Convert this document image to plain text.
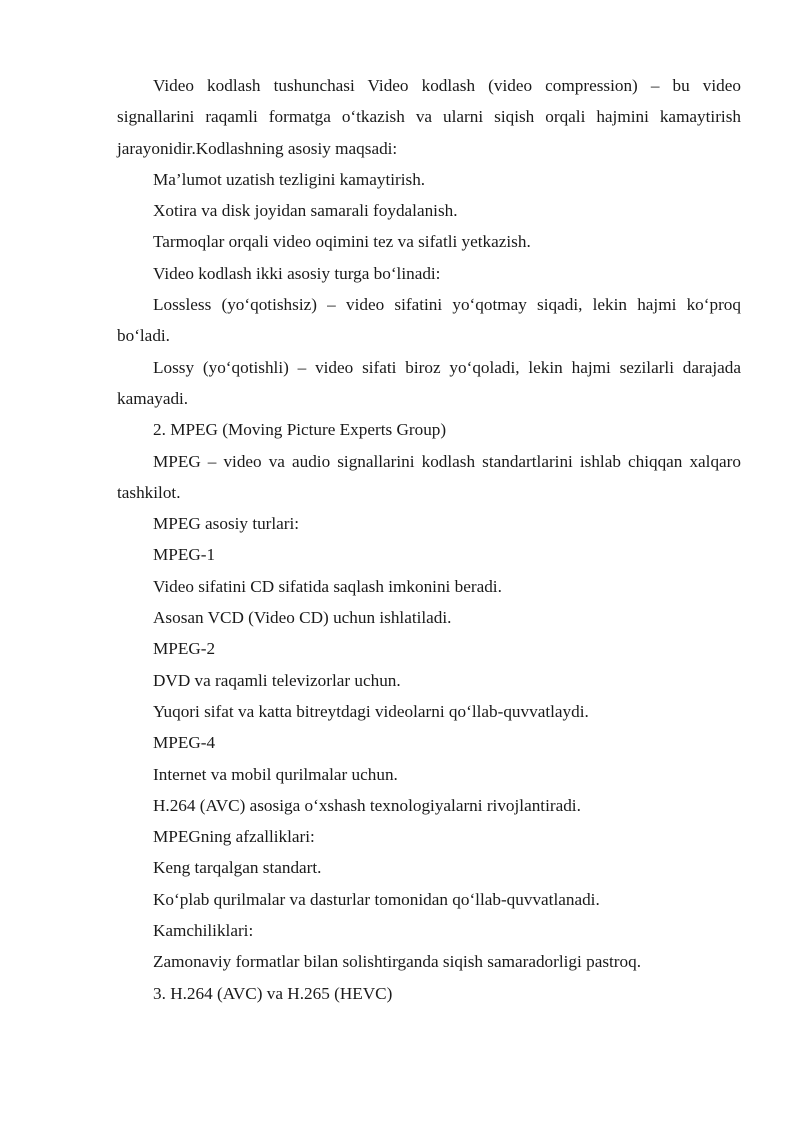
Video kodlash tushunchasi Video kodlash (video compression) – bu video signallarini raqamli formatga o‘tkazish va ularni siqish orqali hajmini kamaytirish jarayonidir.Kodlashning asosiy maqsadi:

Ma’lumot uzatish tezligini kamaytirish.

Xotira va disk joyidan samarali foydalanish.

Tarmoqlar orqali video oqimini tez va sifatli yetkazish.

Video kodlash ikki asosiy turga bo‘linadi:

Lossless (yo‘qotishsiz) – video sifatini yo‘qotmay siqadi, lekin hajmi ko‘proq bo‘ladi.

Lossy (yo‘qotishli) – video sifati biroz yo‘qoladi, lekin hajmi sezilarli darajada kamayadi.

2. MPEG (Moving Picture Experts Group)

MPEG – video va audio signallarini kodlash standartlarini ishlab chiqqan xalqaro tashkilot.

MPEG asosiy turlari:

MPEG-1

Video sifatini CD sifatida saqlash imkonini beradi.

Asosan VCD (Video CD) uchun ishlatiladi.

MPEG-2

DVD va raqamli televizorlar uchun.

Yuqori sifat va katta bitreytdagi videolarni qo‘llab-quvvatlaydi.

MPEG-4

Internet va mobil qurilmalar uchun.

H.264 (AVC) asosiga o‘xshash texnologiyalarni rivojlantiradi.

MPEGning afzalliklari:

Keng tarqalgan standart.

Ko‘plab qurilmalar va dasturlar tomonidan qo‘llab-quvvatlanadi.

Kamchiliklari:

Zamonaviy formatlar bilan solishtirganda siqish samaradorligi pastroq.

3. H.264 (AVC) va H.265 (HEVC)
